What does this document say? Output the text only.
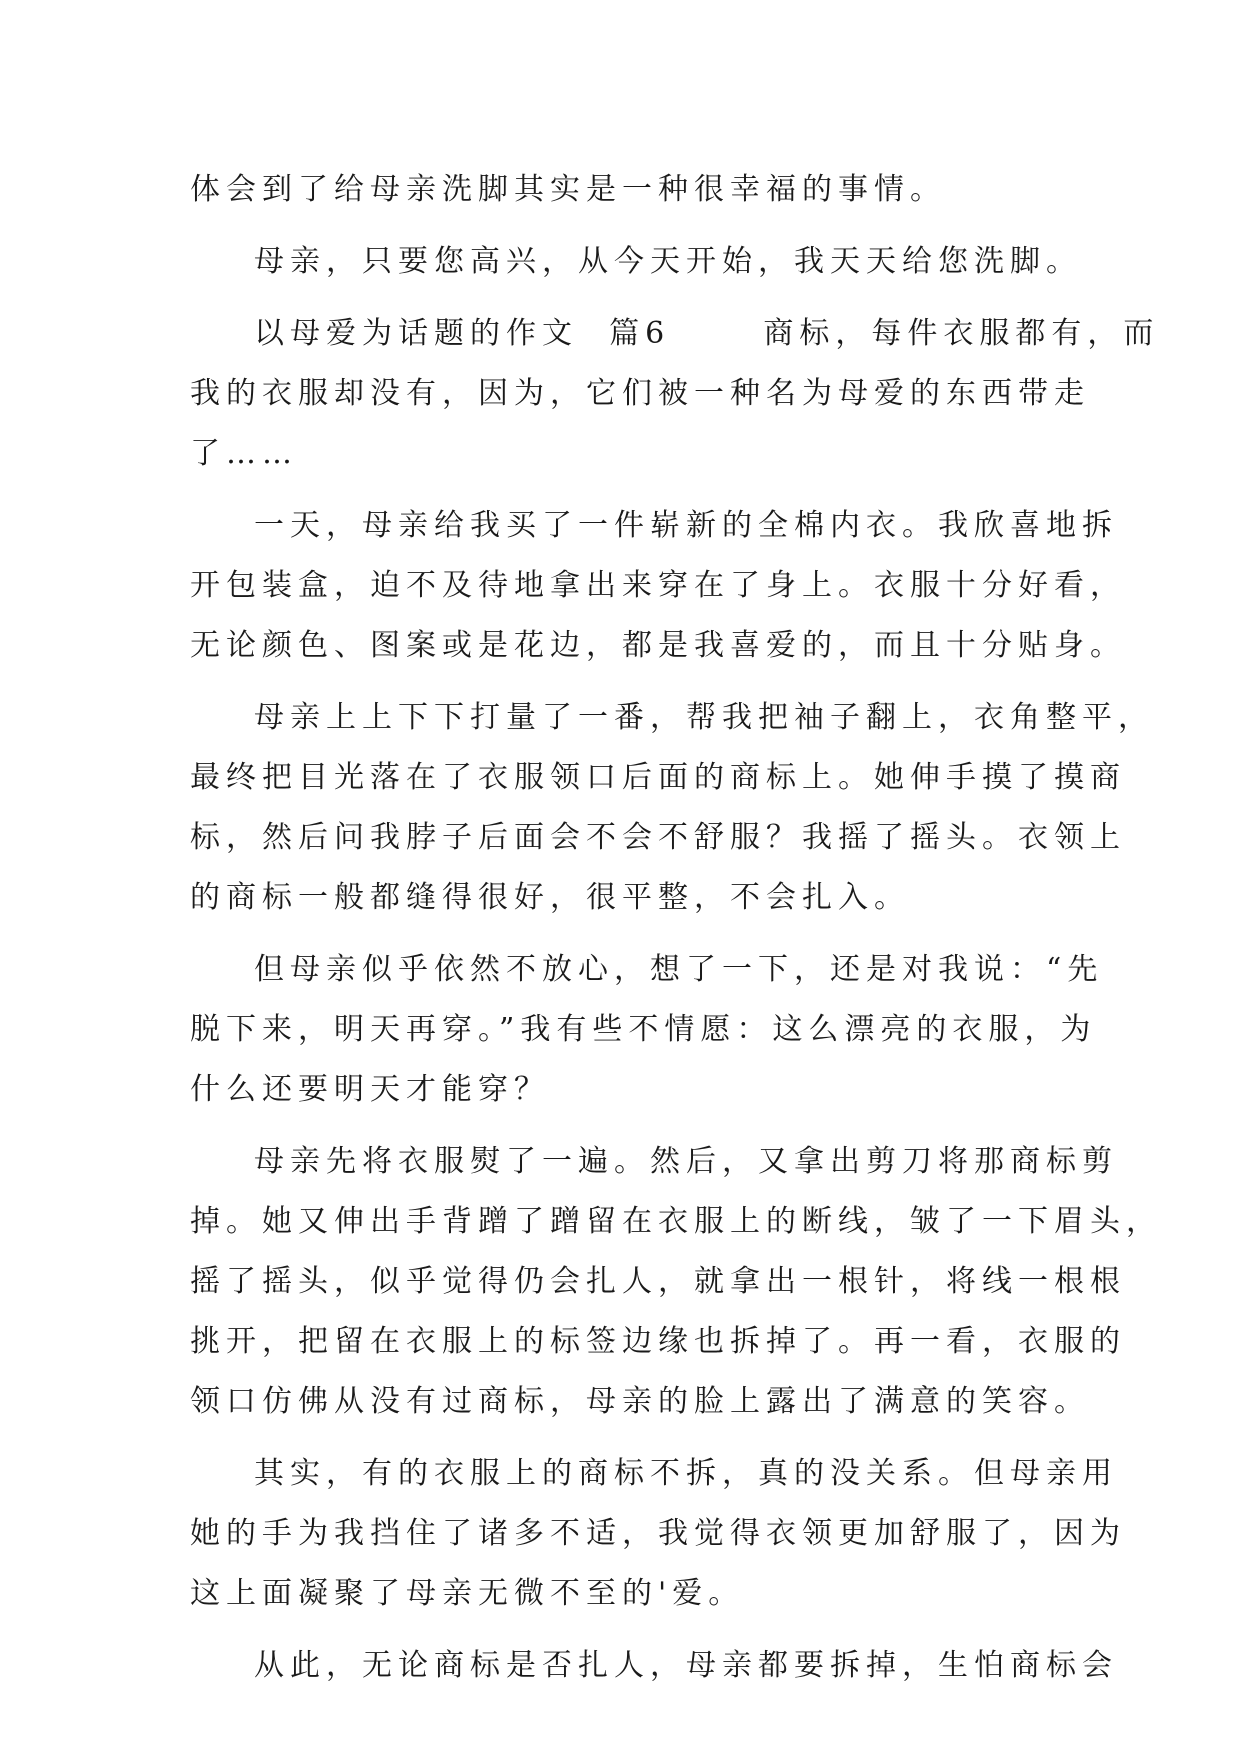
体会到了给母亲洗脚其实是一种很幸福的事情。
母亲，只要您高兴，从今天开始，我天天给您洗脚。
以母爱为话题的作文  篇6      商标，每件衣服都有，而
我的衣服却没有，因为，它们被一种名为母爱的东西带走
了……
一天，母亲给我买了一件崭新的全棉内衣。我欣喜地拆
开包装盒，迫不及待地拿出来穿在了身上。衣服十分好看，
无论颜色、图案或是花边，都是我喜爱的，而且十分贴身。
母亲上上下下打量了一番，帮我把袖子翻上，衣角整平，
最终把目光落在了衣服领口后面的商标上。她伸手摸了摸商
标，然后问我脖子后面会不会不舒服？我摇了摇头。衣领上
的商标一般都缝得很好，很平整，不会扎入。
但母亲似乎依然不放心，想了一下，还是对我说：“先
脱下来，明天再穿。”我有些不情愿：这么漂亮的衣服，为
什么还要明天才能穿？
母亲先将衣服熨了一遍。然后，又拿出剪刀将那商标剪
掉。她又伸出手背蹭了蹭留在衣服上的断线，皱了一下眉头，
摇了摇头，似乎觉得仍会扎人，就拿出一根针，将线一根根
挑开，把留在衣服上的标签边缘也拆掉了。再一看，衣服的
领口仿佛从没有过商标，母亲的脸上露出了满意的笑容。
其实，有的衣服上的商标不拆，真的没关系。但母亲用
她的手为我挡住了诸多不适，我觉得衣领更加舒服了，因为
这上面凝聚了母亲无微不至的'爱。
从此，无论商标是否扎人，母亲都要拆掉，生怕商标会
